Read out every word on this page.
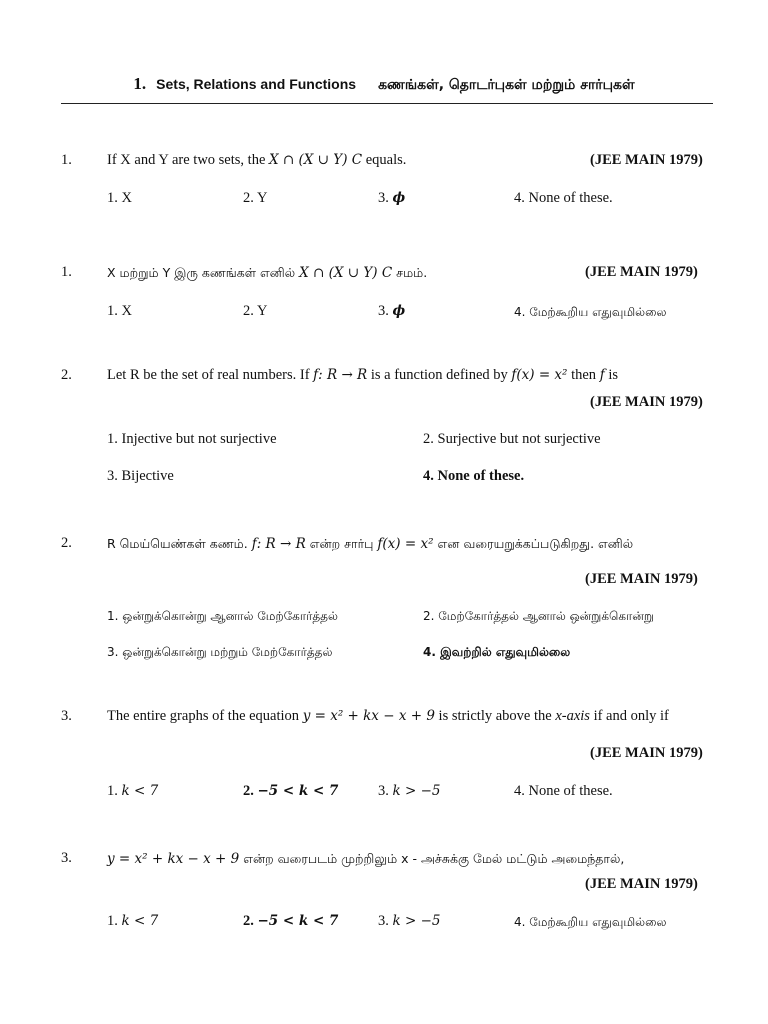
1. Sets, Relations and Functions கணங்கள், தொடர்புகள் மற்றும் சார்புகள்
1. If X and Y are two sets, the X ∩ (X ∪ Y) C equals.	(JEE MAIN 1979)
1. X	2. Y	3. 𝝓	4. None of these.
1.	X மற்றும் Y இரு கணங்கள் எனில் X ∩ (X ∪ Y) C சமம்.	(JEE MAIN 1979)
1. X	2. Y	3. 𝝓	4. மேற்கூறிய எதுவுமில்லை
2. Let R be the set of real numbers. If f: R → R is a function defined by f(x) = x² then f is
(JEE MAIN 1979)
1. Injective but not surjective	2. Surjective but not surjective
3. Bijective	4. None of these.
2.	R மெய்யெண்கள் கணம். f: R → R என்ற சார்பு f(x) = x² என வரையறுக்கப்படுகிறது. எனில்
(JEE MAIN 1979)
1. ஒன்றுக்கொன்று ஆனால் மேற்கோர்த்தல்	2. மேற்கோர்த்தல் ஆனால் ஒன்றுக்கொன்று
3. ஒன்றுக்கொன்று மற்றும் மேற்கோர்த்தல்	4. இவற்றில் எதுவுமில்லை
3. The entire graphs of the equation y = x² + kx − x + 9 is strictly above the x-axis if and only if
(JEE MAIN 1979)
1. k < 7	2. −5 < k < 7	3. k > −5	4. None of these.
3.	y = x² + kx − x + 9 என்ற வரைபடம் முற்றிலும் x - அச்சுக்கு மேல் மட்டும் அமைந்தால்,
(JEE MAIN 1979)
1. k < 7	2. −5 < k < 7	3. k > −5	4. மேற்கூறிய எதுவுமில்லை
